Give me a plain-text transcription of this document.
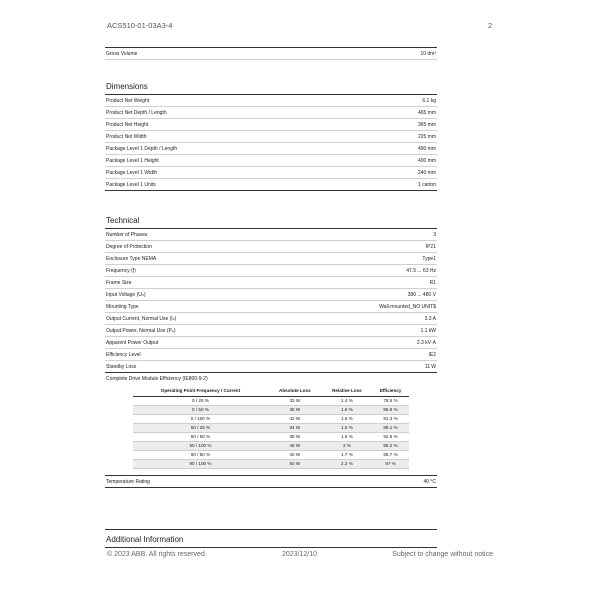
ACS510-01-03A3-4	2
Gross Volume	10 dm³
Dimensions
Product Net Weight	6.1 kg
Product Net Depth / Length	465 mm
Product Net Height	365 mm
Product Net Width	225 mm
Package Level 1 Depth / Length	490 mm
Package Level 1 Height	400 mm
Package Level 1 Width	240 mm
Package Level 1 Units	1 carton
Technical
Number of Phases	3
Degree of Protection	IP21
Enclosure Type NEMA	Type1
Frequency (f)	47.5 ... 63 Hz
Frame Size	R1
Input Voltage (Uₙ)	380 ... 480 V
Mounting Type	Wall-mounted_NO UNIT$
Output Current, Normal Use (Iₙ)	3.3 A
Output Power, Normal Use (Pₙ)	1.1 kW
Apparent Power Output	2.3 kV·A
Efficiency Level	IE2
Standby Loss	11 W
Complete Drive Module Efficiency (IE800-9-2)
Operating Point Frequency / Current	Absolute Loss	Relative Loss	Efficiency
0 / 25 %	33 W	1.4 %	78.5 %
0 / 50 %	36 W	1.6 %	86.8 %
0 / 100 %	42 W	1.8 %	91.3 %
50 / 25 %	34 W	1.5 %	88.1 %
50 / 50 %	38 W	1.6 %	92.8 %
50 / 100 %	45 W	2 %	95.2 %
90 / 50 %	40 W	1.7 %	95.7 %
90 / 100 %	50 W	2.2 %	97 %
Temperature Rating	40 °C
Additional Information
© 2023 ABB. All rights reserved.	2023/12/10	Subject to change without notice
